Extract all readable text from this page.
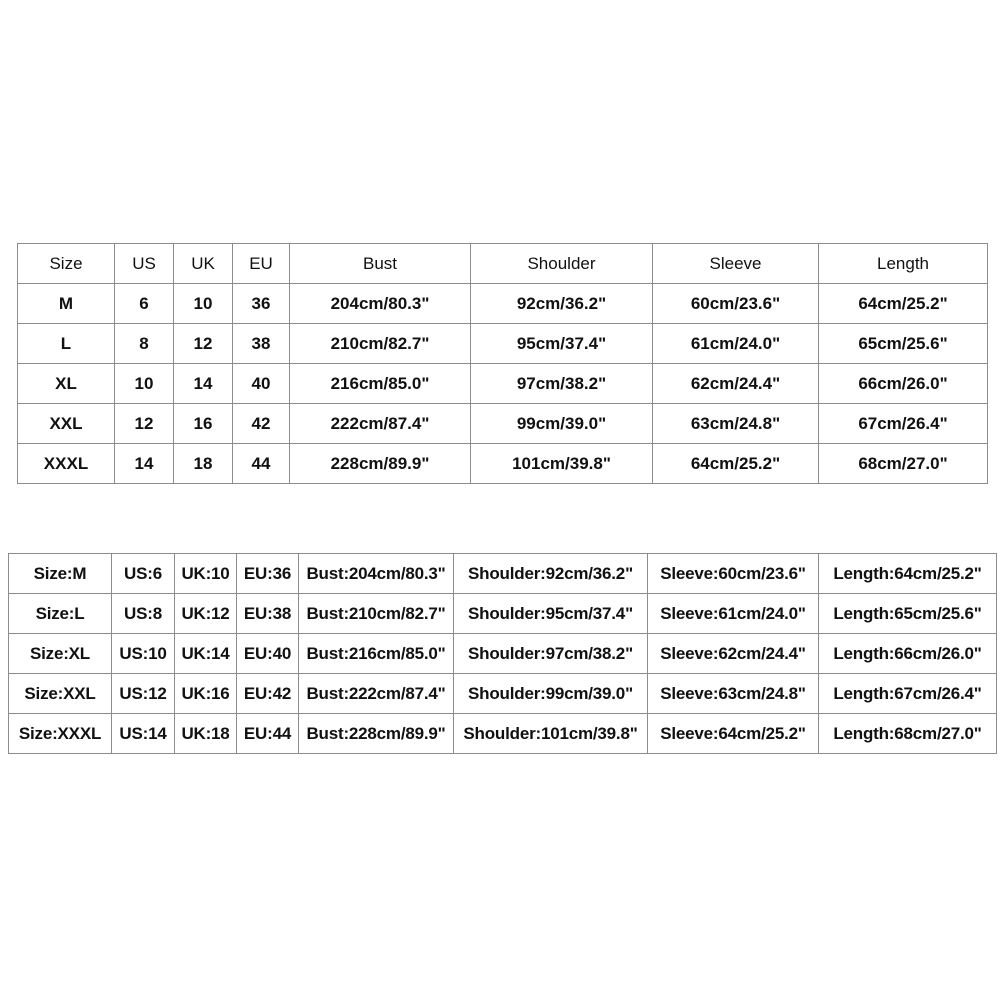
Size	US	UK	EU	Bust	Shoulder	Sleeve	Length
M	6	10	36	204cm/80.3"	92cm/36.2"	60cm/23.6"	64cm/25.2"
L	8	12	38	210cm/82.7"	95cm/37.4"	61cm/24.0"	65cm/25.6"
XL	10	14	40	216cm/85.0"	97cm/38.2"	62cm/24.4"	66cm/26.0"
XXL	12	16	42	222cm/87.4"	99cm/39.0"	63cm/24.8"	67cm/26.4"
XXXL	14	18	44	228cm/89.9"	101cm/39.8"	64cm/25.2"	68cm/27.0"
Size:M	US:6	UK:10	EU:36	Bust:204cm/80.3"	Shoulder:92cm/36.2"	Sleeve:60cm/23.6"	Length:64cm/25.2"
Size:L	US:8	UK:12	EU:38	Bust:210cm/82.7"	Shoulder:95cm/37.4"	Sleeve:61cm/24.0"	Length:65cm/25.6"
Size:XL	US:10	UK:14	EU:40	Bust:216cm/85.0"	Shoulder:97cm/38.2"	Sleeve:62cm/24.4"	Length:66cm/26.0"
Size:XXL	US:12	UK:16	EU:42	Bust:222cm/87.4"	Shoulder:99cm/39.0"	Sleeve:63cm/24.8"	Length:67cm/26.4"
Size:XXXL	US:14	UK:18	EU:44	Bust:228cm/89.9"	Shoulder:101cm/39.8"	Sleeve:64cm/25.2"	Length:68cm/27.0"
